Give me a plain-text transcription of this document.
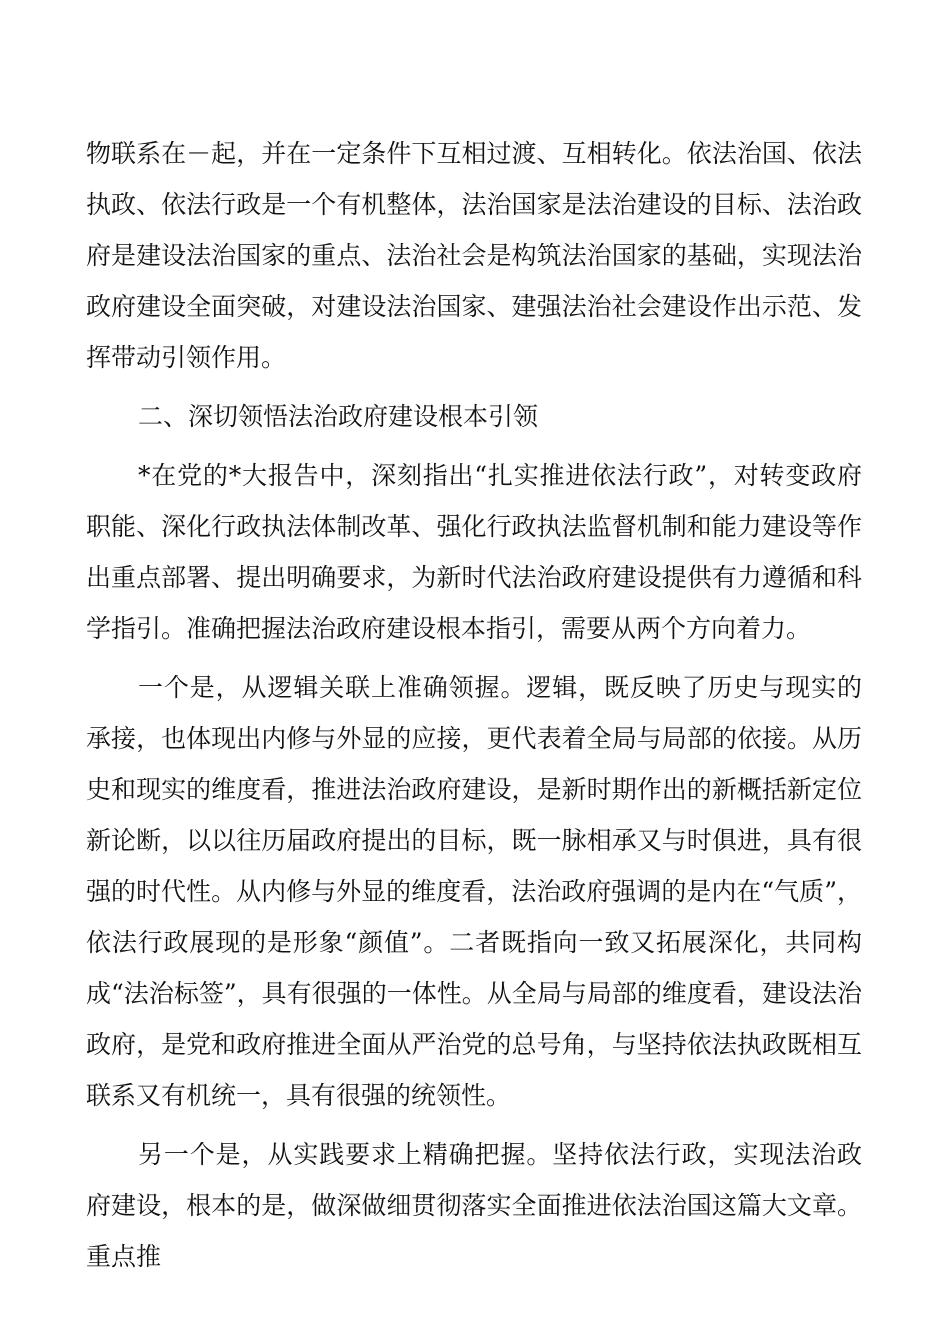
物联系在－起，并在一定条件下互相过渡、互相转化。依法治国、依法执政、依法行政是一个有机整体，法治国家是法治建设的目标、法治政府是建设法治国家的重点、法治社会是构筑法治国家的基础，实现法治政府建设全面突破，对建设法治国家、建强法治社会建设作出示范、发挥带动引领作用。

二、深切领悟法治政府建设根本引领

*在党的*大报告中，深刻指出“扎实推进依法行政”，对转变政府职能、深化行政执法体制改革、强化行政执法监督机制和能力建设等作出重点部署、提出明确要求，为新时代法治政府建设提供有力遵循和科学指引。准确把握法治政府建设根本指引，需要从两个方向着力。

一个是，从逻辑关联上准确领握。逻辑，既反映了历史与现实的承接，也体现出内修与外显的应接，更代表着全局与局部的依接。从历史和现实的维度看，推进法治政府建设，是新时期作出的新概括新定位新论断，以以往历届政府提出的目标，既一脉相承又与时俱进，具有很强的时代性。从内修与外显的维度看，法治政府强调的是内在“气质”，依法行政展现的是形象“颜值”。二者既指向一致又拓展深化，共同构成“法治标签”，具有很强的一体性。从全局与局部的维度看，建设法治政府，是党和政府推进全面从严治党的总号角，与坚持依法执政既相互联系又有机统一，具有很强的统领性。

另一个是，从实践要求上精确把握。坚持依法行政，实现法治政府建设，根本的是，做深做细贯彻落实全面推进依法治国这篇大文章。重点推
